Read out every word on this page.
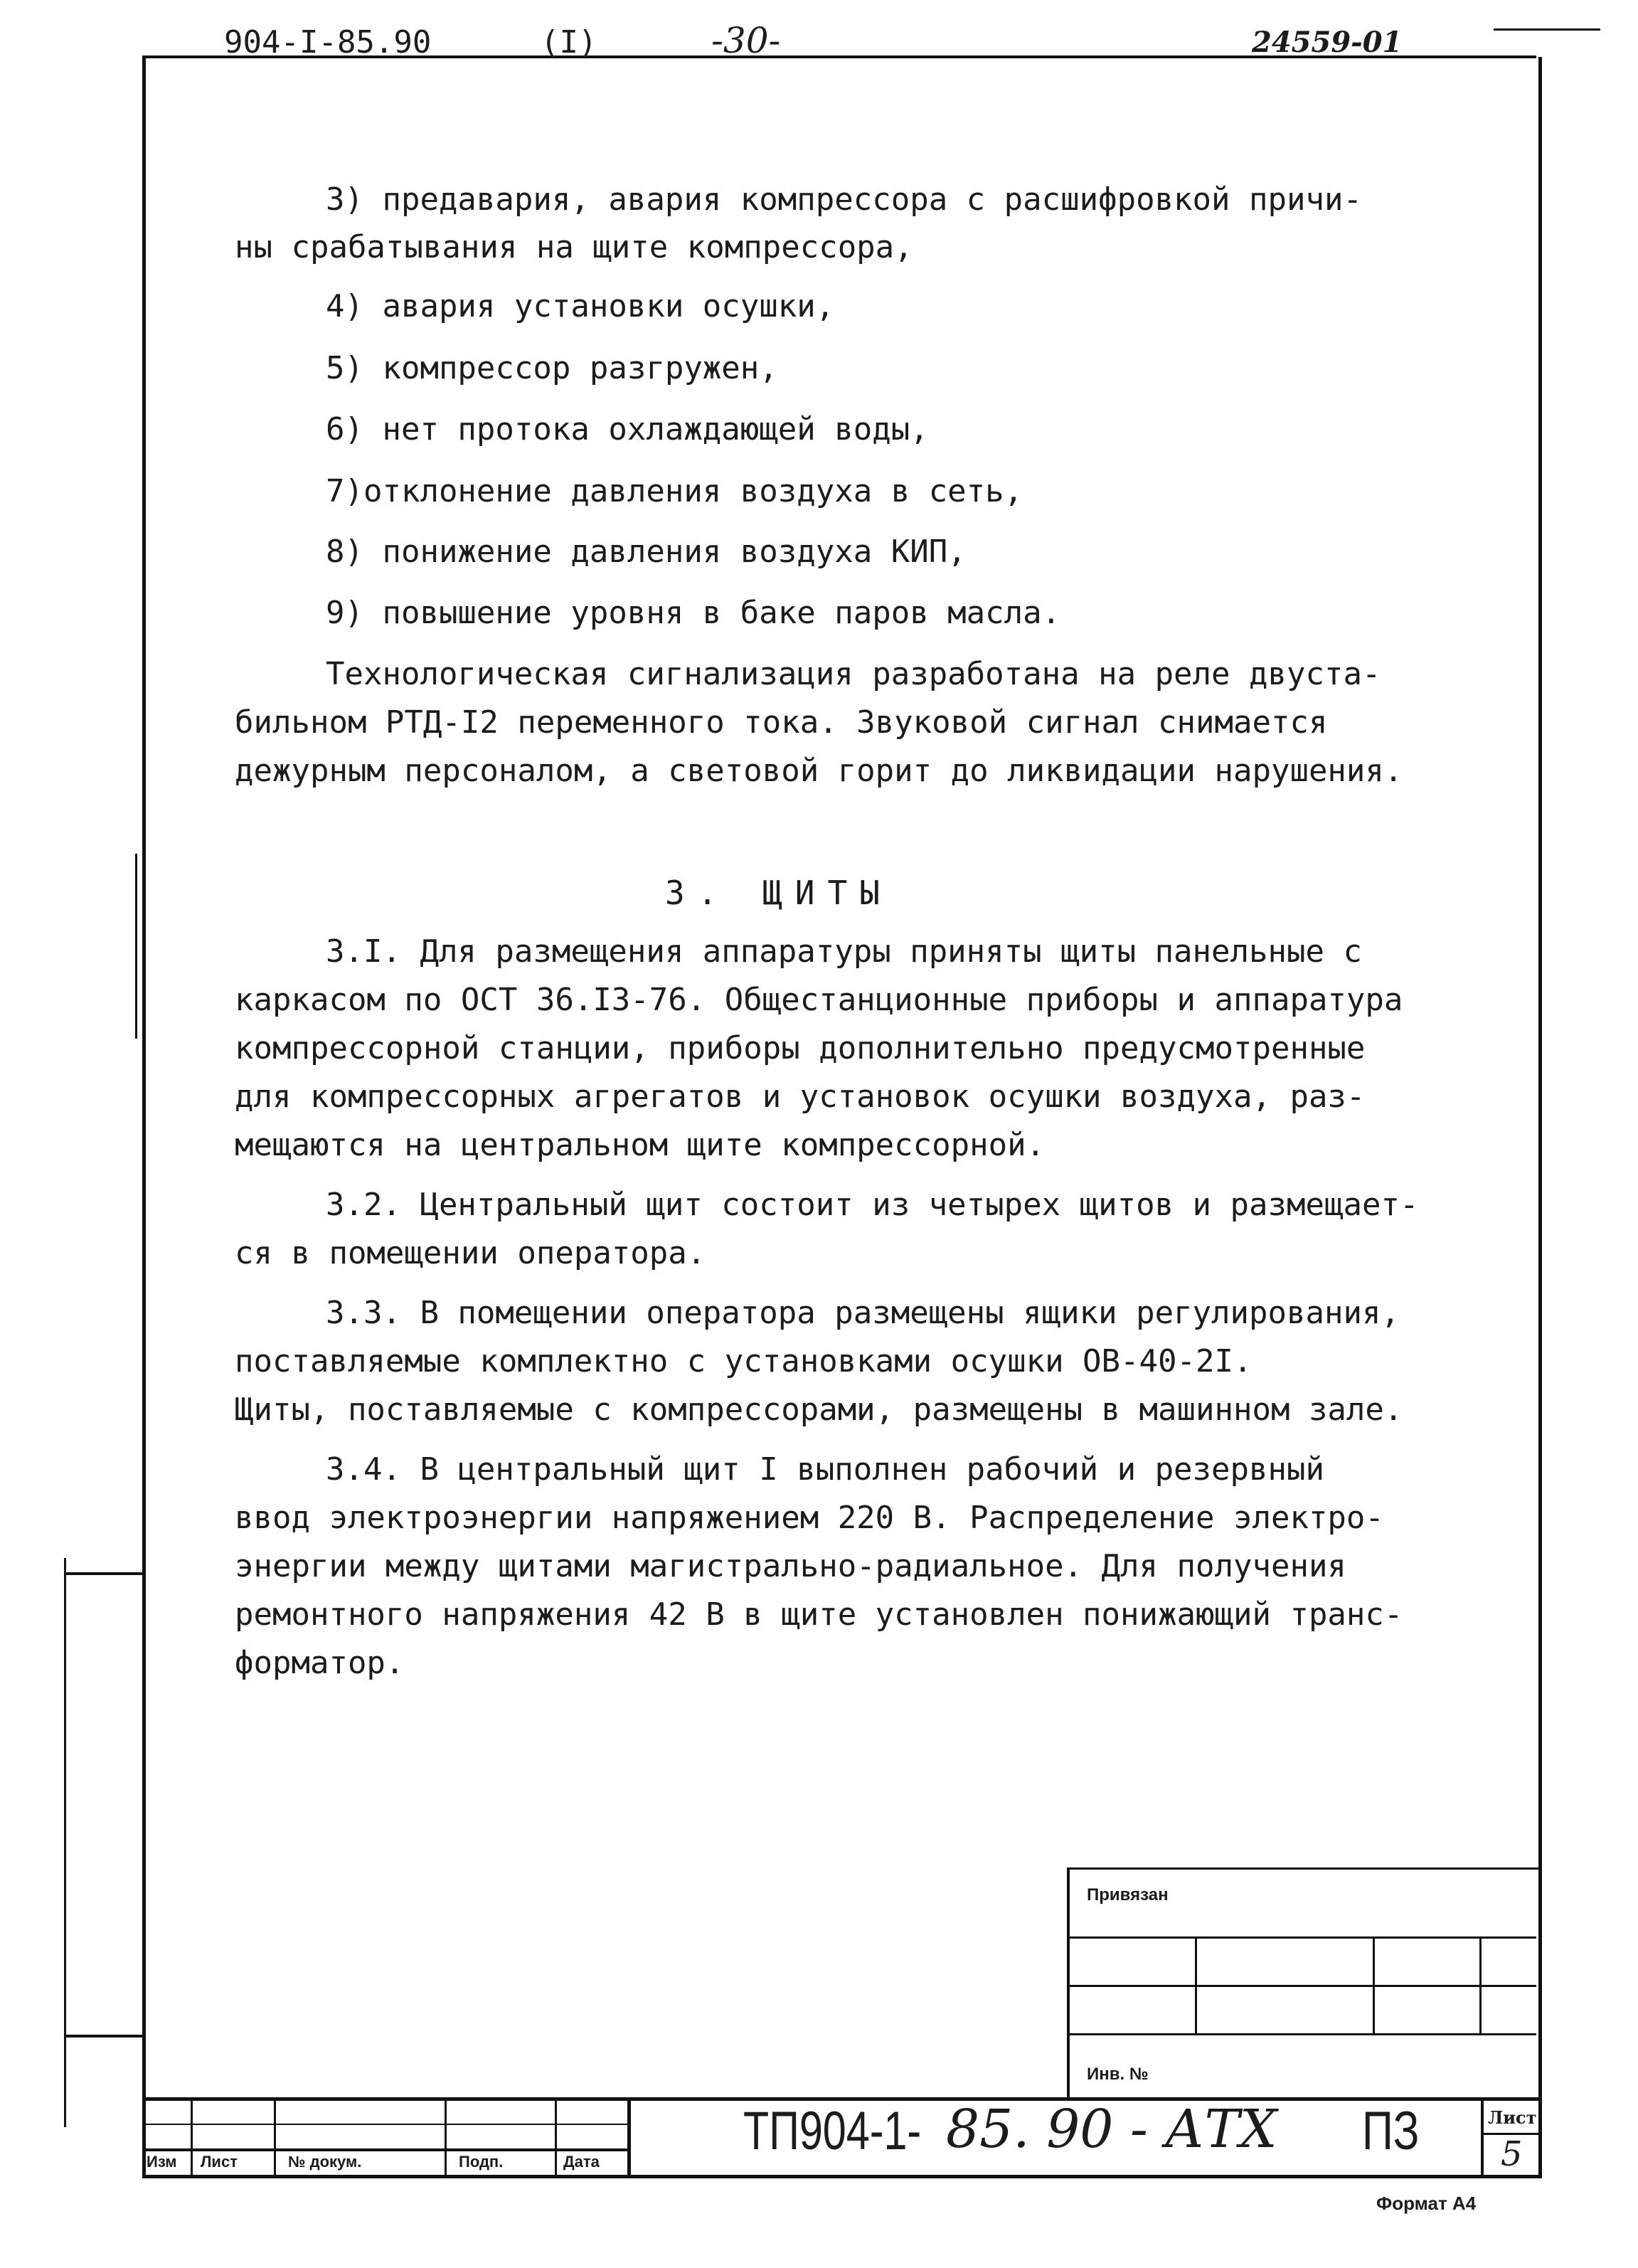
904-I-85.90	(I)	-30-	24559-01
3) предавария, авария компрессора с расшифровкой причи-
ны срабатывания на щите компрессора,
4) авария установки осушки,
5) компрессор разгружен,
6) нет протока охлаждающей воды,
7)отклонение давления воздуха в сеть,
8) понижение давления воздуха КИП,
9) повышение уровня в баке паров масла.
Технологическая сигнализация разработана на реле двуста-
бильном РТД-I2 переменного тока. Звуковой сигнал снимается
дежурным персоналом, а световой горит до ликвидации нарушения.
3. ЩИТЫ
3.I. Для размещения аппаратуры приняты щиты панельные с
каркасом по ОСТ 36.I3-76. Общестанционные приборы и аппаратура
компрессорной станции, приборы дополнительно предусмотренные
для компрессорных агрегатов и установок осушки воздуха, раз-
мещаются на центральном щите компрессорной.
3.2. Центральный щит состоит из четырех щитов и размещает-
ся в помещении оператора.
3.3. В помещении оператора размещены ящики регулирования,
поставляемые комплектно с установками осушки ОВ-40-2I.
Щиты, поставляемые с компрессорами, размещены в машинном зале.
3.4. В центральный щит I выполнен рабочий и резервный
ввод электроэнергии напряжением 220 В. Распределение электро-
энергии между щитами магистрально-радиальное. Для получения
ремонтного напряжения 42 В в щите установлен понижающий транс-
форматор.
Привязан
Инв. №
Изм Лист	№ докум.	Подп.	Дата
ТП904-1- 85. 90 - АТХ ПЗ	Лист
5
Формат А4
